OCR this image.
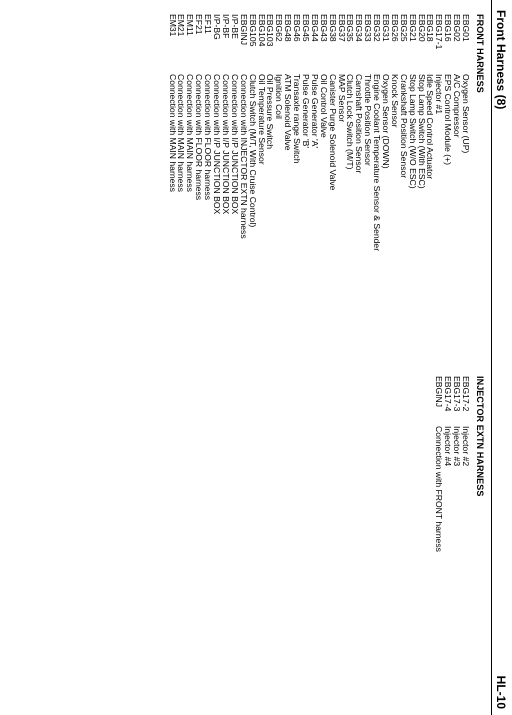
Front Harness (8)
HL-10
FRONT HARNESS
EBG01
Oxygen Sensor (UP)
EBG02
A/C Compressor
EBG16
EPS Control Module (+)
EBG17-1
Injector #1
EBG18
Idle Speed Control Actuator
EBG20
Stop Lamp Switch (With ESC)
EBG21
Stop Lamp Switch (W/O ESC)
EBG25
Crankshaft Position Sensor
EBG26
Knock Sensor
EBG31
Oxygen Sensor (DOWN)
EBG32
Engine Coolant Temperature Sensor & Sender
EBG33
Throttle Position Sensor
EBG34
Camshaft Position Sensor
EBG35
Clutch Lock Switch (M/T)
EBG37
MAP Sensor
EBG38
Canister Purge Solenoid Valve
EBG43
Oil Control Valve
EBG44
Pulse Generator 'A'
EBG45
Pulse Generator 'B'
EBG46
Transaxle range Switch
EBG48
ATM Solenoid Valve
EBG62
Ignition Coil
EBG103
Oil Pressure Switch
EBG104
Oil Temperature Sensor
EBG105
Clutch Switch (M/T, With Cruise Control)
EBGINJ
Connection with INJECTOR EXTN harness
I/P-BE
Connection with I/P JUNCTION BOX
I/P-BF
Connection with I/P JUNCTION BOX
I/P-BG
Connection with I/P JUNCTION BOX
EF11
Connection with FLOOR harness
EF21
Connection with FLOOR harness
EM11
Connection with MAIN harness
EM21
Connection with MAIN harness
EM31
Connection with MAIN harness
INJECTOR EXTN HARNESS
EBG17-2
Injector #2
EBG17-3
Injector #3
EBG17-4
Injector #4
EBGINJ
Connection with FRONT harness
